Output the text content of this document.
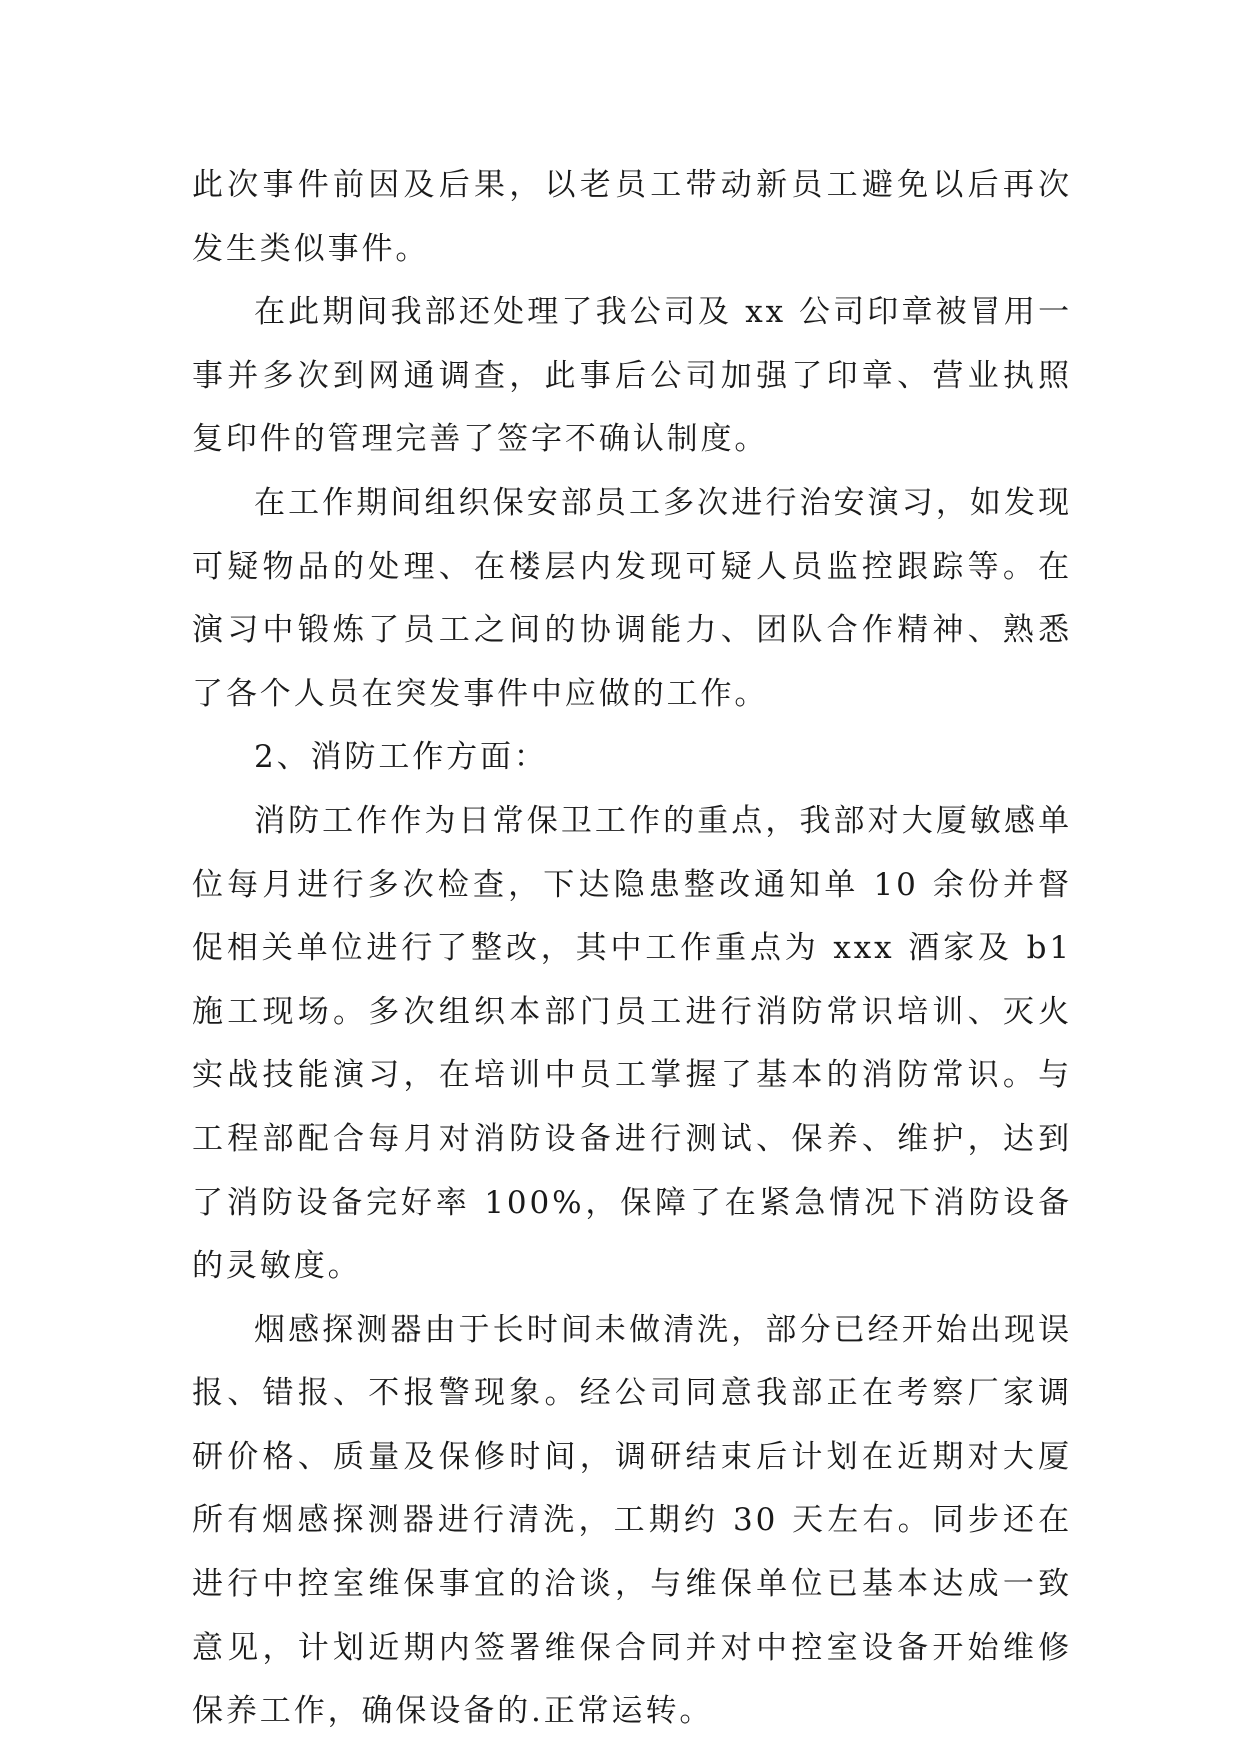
此次事件前因及后果，以老员工带动新员工避免以后再次发生类似事件。

在此期间我部还处理了我公司及 xx 公司印章被冒用一事并多次到网通调查，此事后公司加强了印章、营业执照复印件的管理完善了签字不确认制度。

在工作期间组织保安部员工多次进行治安演习，如发现可疑物品的处理、在楼层内发现可疑人员监控跟踪等。在演习中锻炼了员工之间的协调能力、团队合作精神、熟悉了各个人员在突发事件中应做的工作。

2、消防工作方面：

消防工作作为日常保卫工作的重点，我部对大厦敏感单位每月进行多次检查，下达隐患整改通知单 10 余份并督促相关单位进行了整改，其中工作重点为 xxx 酒家及 b1 施工现场。多次组织本部门员工进行消防常识培训、灭火实战技能演习，在培训中员工掌握了基本的消防常识。与工程部配合每月对消防设备进行测试、保养、维护，达到了消防设备完好率 100%，保障了在紧急情况下消防设备的灵敏度。

烟感探测器由于长时间未做清洗，部分已经开始出现误报、错报、不报警现象。经公司同意我部正在考察厂家调研价格、质量及保修时间，调研结束后计划在近期对大厦所有烟感探测器进行清洗，工期约 30 天左右。同步还在进行中控室维保事宜的洽谈，与维保单位已基本达成一致意见，计划近期内签署维保合同并对中控室设备开始维修保养工作，确保设备的.正常运转。
